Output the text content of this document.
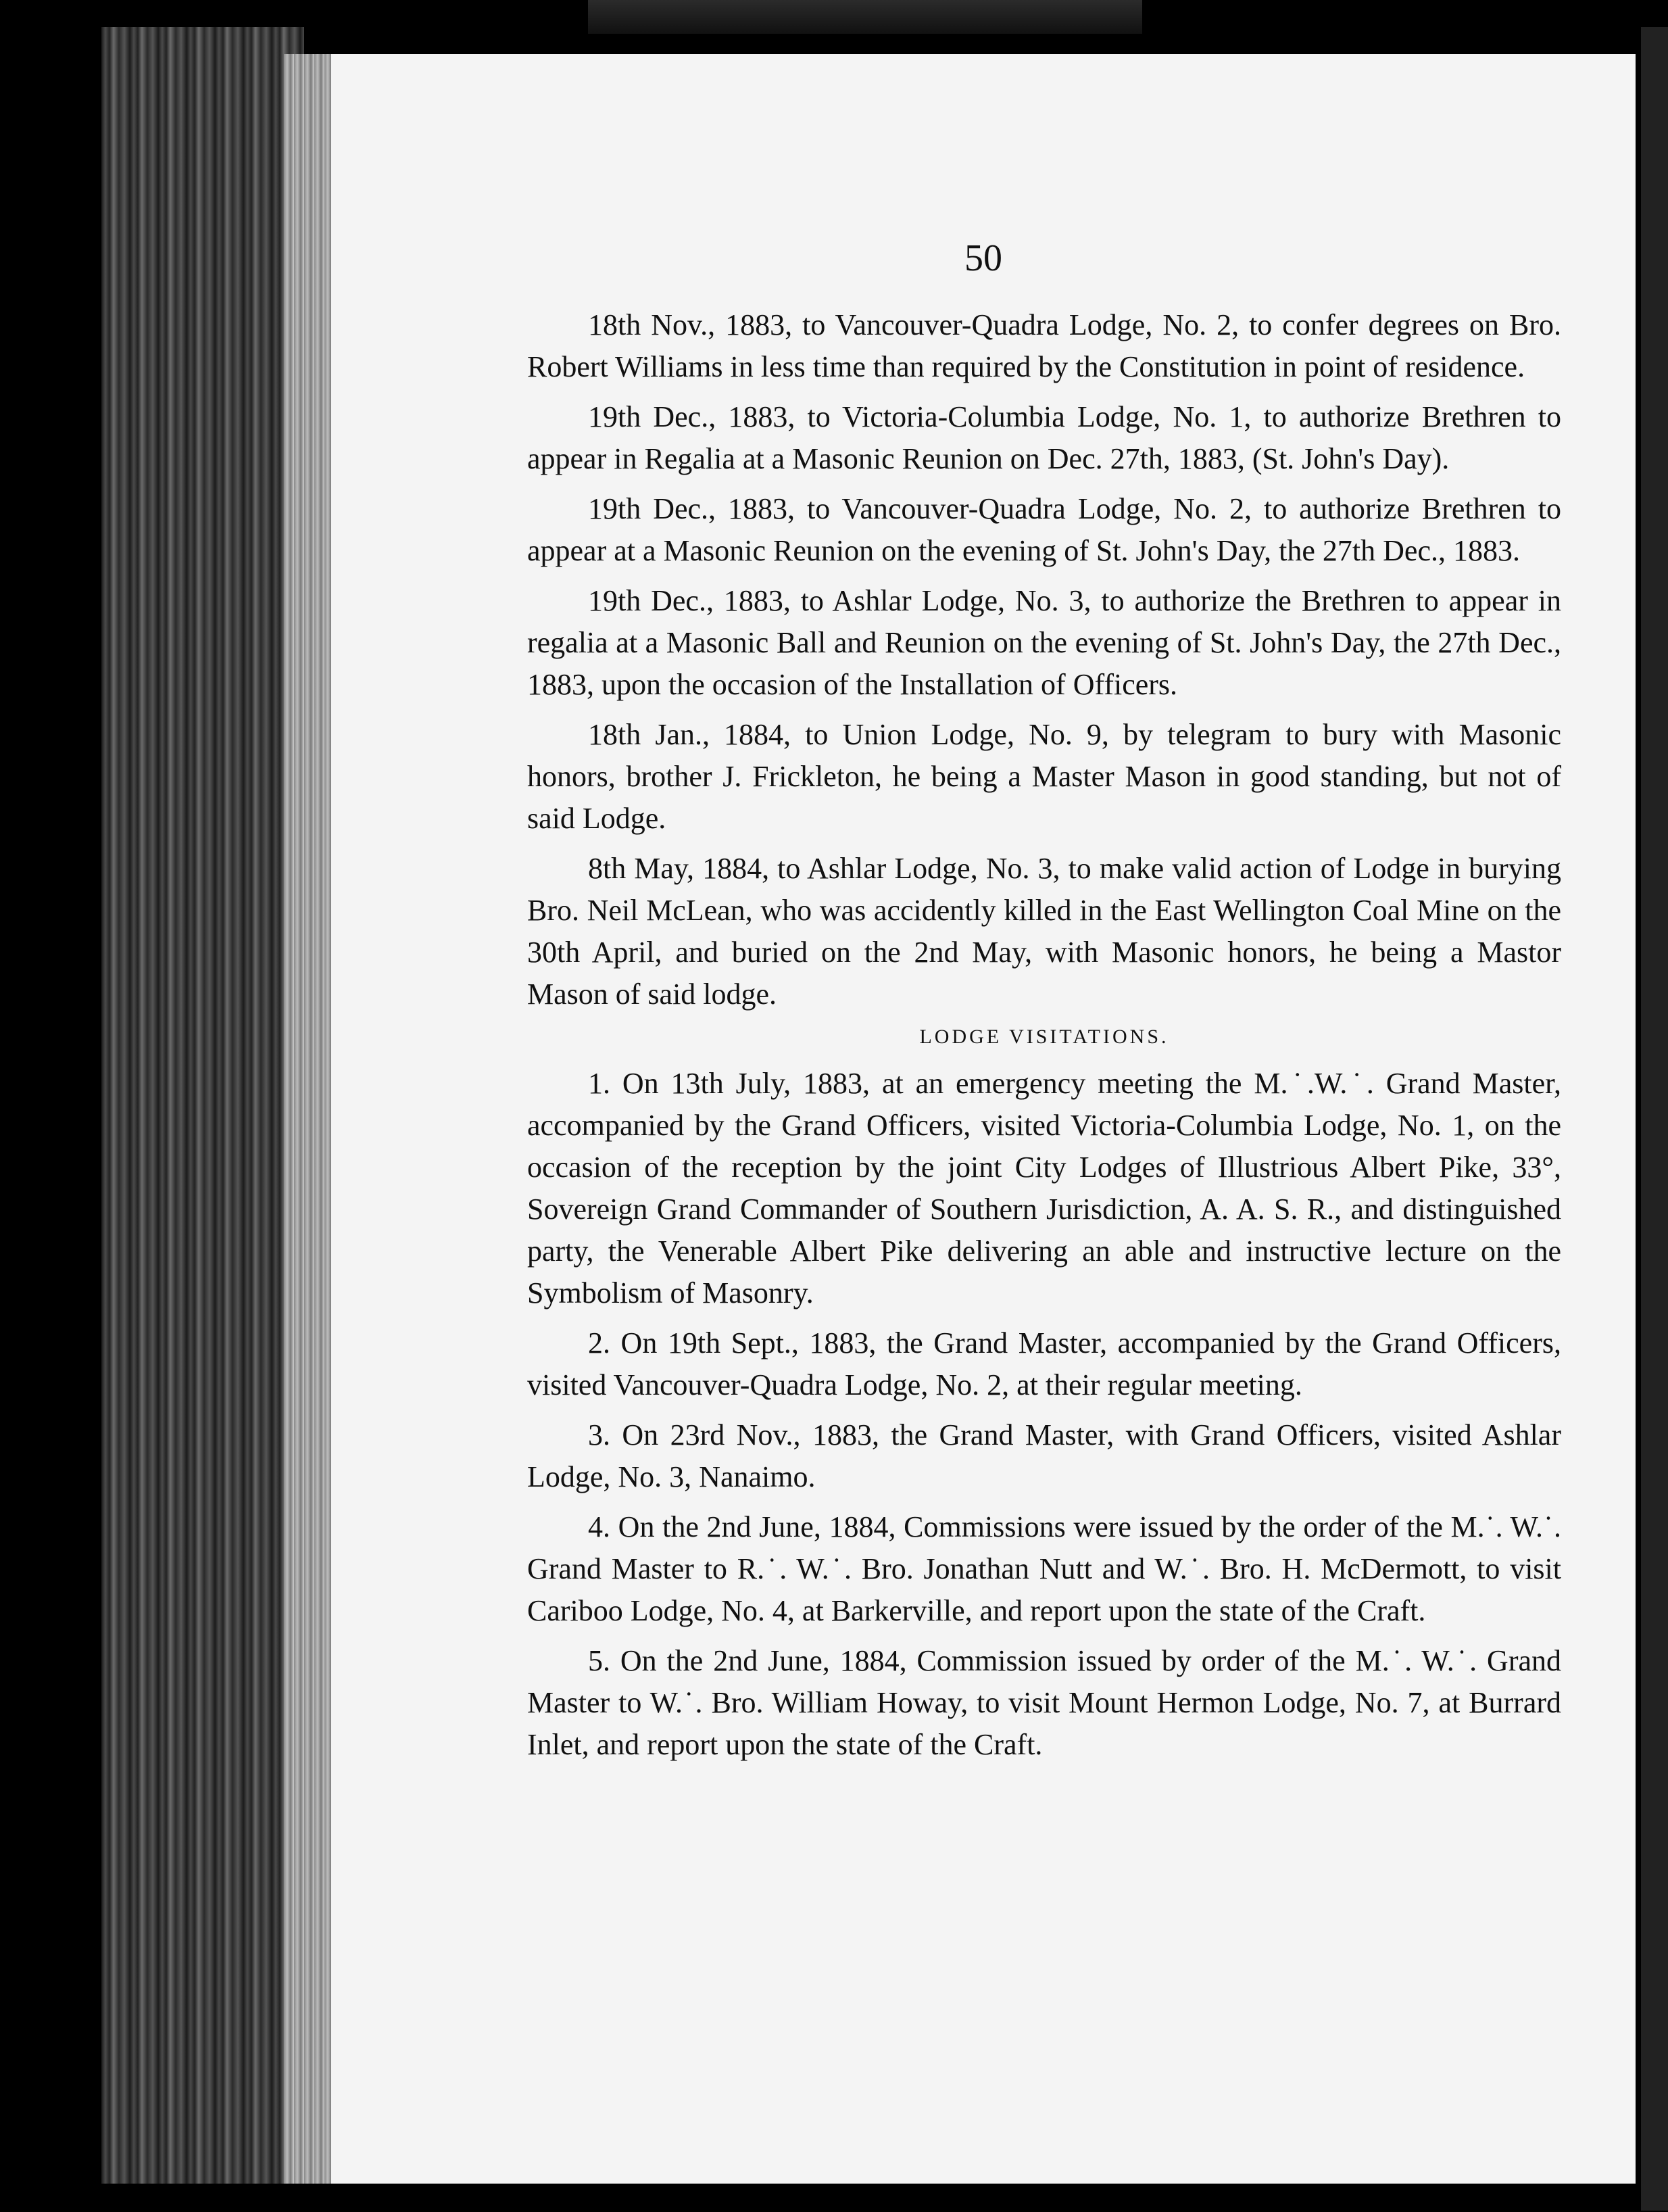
50

18th Nov., 1883, to Vancouver-Quadra Lodge, No. 2, to confer degrees on Bro. Robert Williams in less time than required by the Constitution in point of residence.

19th Dec., 1883, to Victoria-Columbia Lodge, No. 1, to authorize Brethren to appear in Regalia at a Masonic Reunion on Dec. 27th, 1883, (St. John's Day).

19th Dec., 1883, to Vancouver-Quadra Lodge, No. 2, to authorize Brethren to appear at a Masonic Reunion on the evening of St. John's Day, the 27th Dec., 1883.

19th Dec., 1883, to Ashlar Lodge, No. 3, to authorize the Brethren to appear in regalia at a Masonic Ball and Reunion on the evening of St. John's Day, the 27th Dec., 1883, upon the occasion of the Installation of Officers.

18th Jan., 1884, to Union Lodge, No. 9, by telegram to bury with Masonic honors, brother J. Frickleton, he being a Master Mason in good standing, but not of said Lodge.

8th May, 1884, to Ashlar Lodge, No. 3, to make valid action of Lodge in burying Bro. Neil McLean, who was accidently killed in the East Wellington Coal Mine on the 30th April, and buried on the 2nd May, with Masonic honors, he being a Mastor Mason of said lodge.

LODGE VISITATIONS.

1. On 13th July, 1883, at an emergency meeting the M.˙.W.˙. Grand Master, accompanied by the Grand Officers, visited Victoria-Columbia Lodge, No. 1, on the occasion of the reception by the joint City Lodges of Illustrious Albert Pike, 33°, Sovereign Grand Commander of Southern Jurisdiction, A. A. S. R., and distinguished party, the Venerable Albert Pike delivering an able and instructive lecture on the Symbolism of Masonry.

2. On 19th Sept., 1883, the Grand Master, accompanied by the Grand Officers, visited Vancouver-Quadra Lodge, No. 2, at their regular meeting.

3. On 23rd Nov., 1883, the Grand Master, with Grand Officers, visited Ashlar Lodge, No. 3, Nanaimo.

4. On the 2nd June, 1884, Commissions were issued by the order of the M.˙. W.˙. Grand Master to R.˙. W.˙. Bro. Jonathan Nutt and W.˙. Bro. H. McDermott, to visit Cariboo Lodge, No. 4, at Barkerville, and report upon the state of the Craft.

5. On the 2nd June, 1884, Commission issued by order of the M.˙. W.˙. Grand Master to W.˙. Bro. William Howay, to visit Mount Hermon Lodge, No. 7, at Burrard Inlet, and report upon the state of the Craft.
